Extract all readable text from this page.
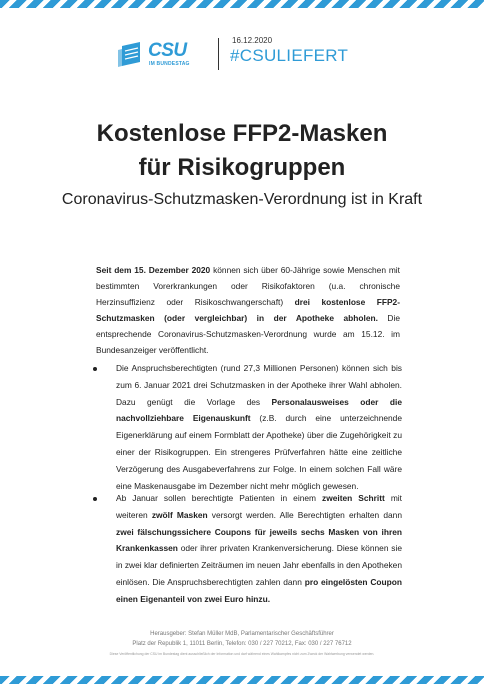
CSU
IM BUNDESTAG
16.12.2020
#CSULIEFERT
Kostenlose FFP2-Masken
für Risikogruppen

Coronavirus-Schutzmasken-Verordnung ist in Kraft

Seit dem 15. Dezember 2020 können sich über 60-Jährige sowie Menschen mit bestimmten Vorerkrankungen oder Risikofaktoren (u.a. chronische Herzinsuffizienz oder Risikoschwangerschaft) drei kostenlose FFP2-Schutzmasken (oder vergleichbar) in der Apotheke abholen. Die entsprechende Coronavirus-Schutzmasken-Verordnung wurde am 15.12. im Bundesanzeiger veröffentlicht.

Die Anspruchsberechtigten (rund 27,3 Millionen Personen) können sich bis zum 6. Januar 2021 drei Schutzmasken in der Apotheke ihrer Wahl abholen. Dazu genügt die Vorlage des Personalausweises oder die nachvollziehbare Eigenauskunft (z.B. durch eine unterzeichnende Eigenerklärung auf einem Formblatt der Apotheke) über die Zugehörigkeit zu einer der Risikogruppen. Ein strengeres Prüfverfahren hätte eine zeitliche Verzögerung des Ausgabeverfahrens zur Folge. In einem solchen Fall wäre eine Maskenausgabe im Dezember nicht mehr möglich gewesen.

Ab Januar sollen berechtigte Patienten in einem zweiten Schritt mit weiteren zwölf Masken versorgt werden. Alle Berechtigten erhalten dann zwei fälschungssichere Coupons für jeweils sechs Masken von ihren Krankenkassen oder ihrer privaten Krankenversicherung. Diese können sie in zwei klar definierten Zeiträumen im neuen Jahr ebenfalls in den Apotheken einlösen. Die Anspruchsberechtigten zahlen dann pro eingelösten Coupon einen Eigenanteil von zwei Euro hinzu.

Herausgeber: Stefan Müller MdB, Parlamentarischer Geschäftsführer

Platz der Republik 1, 11011 Berlin, Telefon: 030 / 227 70212, Fax: 030 / 227 76712

Diese Veröffentlichung der CSU im Bundestag dient ausschließlich der Information und darf während eines Wahlkampfes nicht zum Zweck der Wahlwerbung verwendet werden.
